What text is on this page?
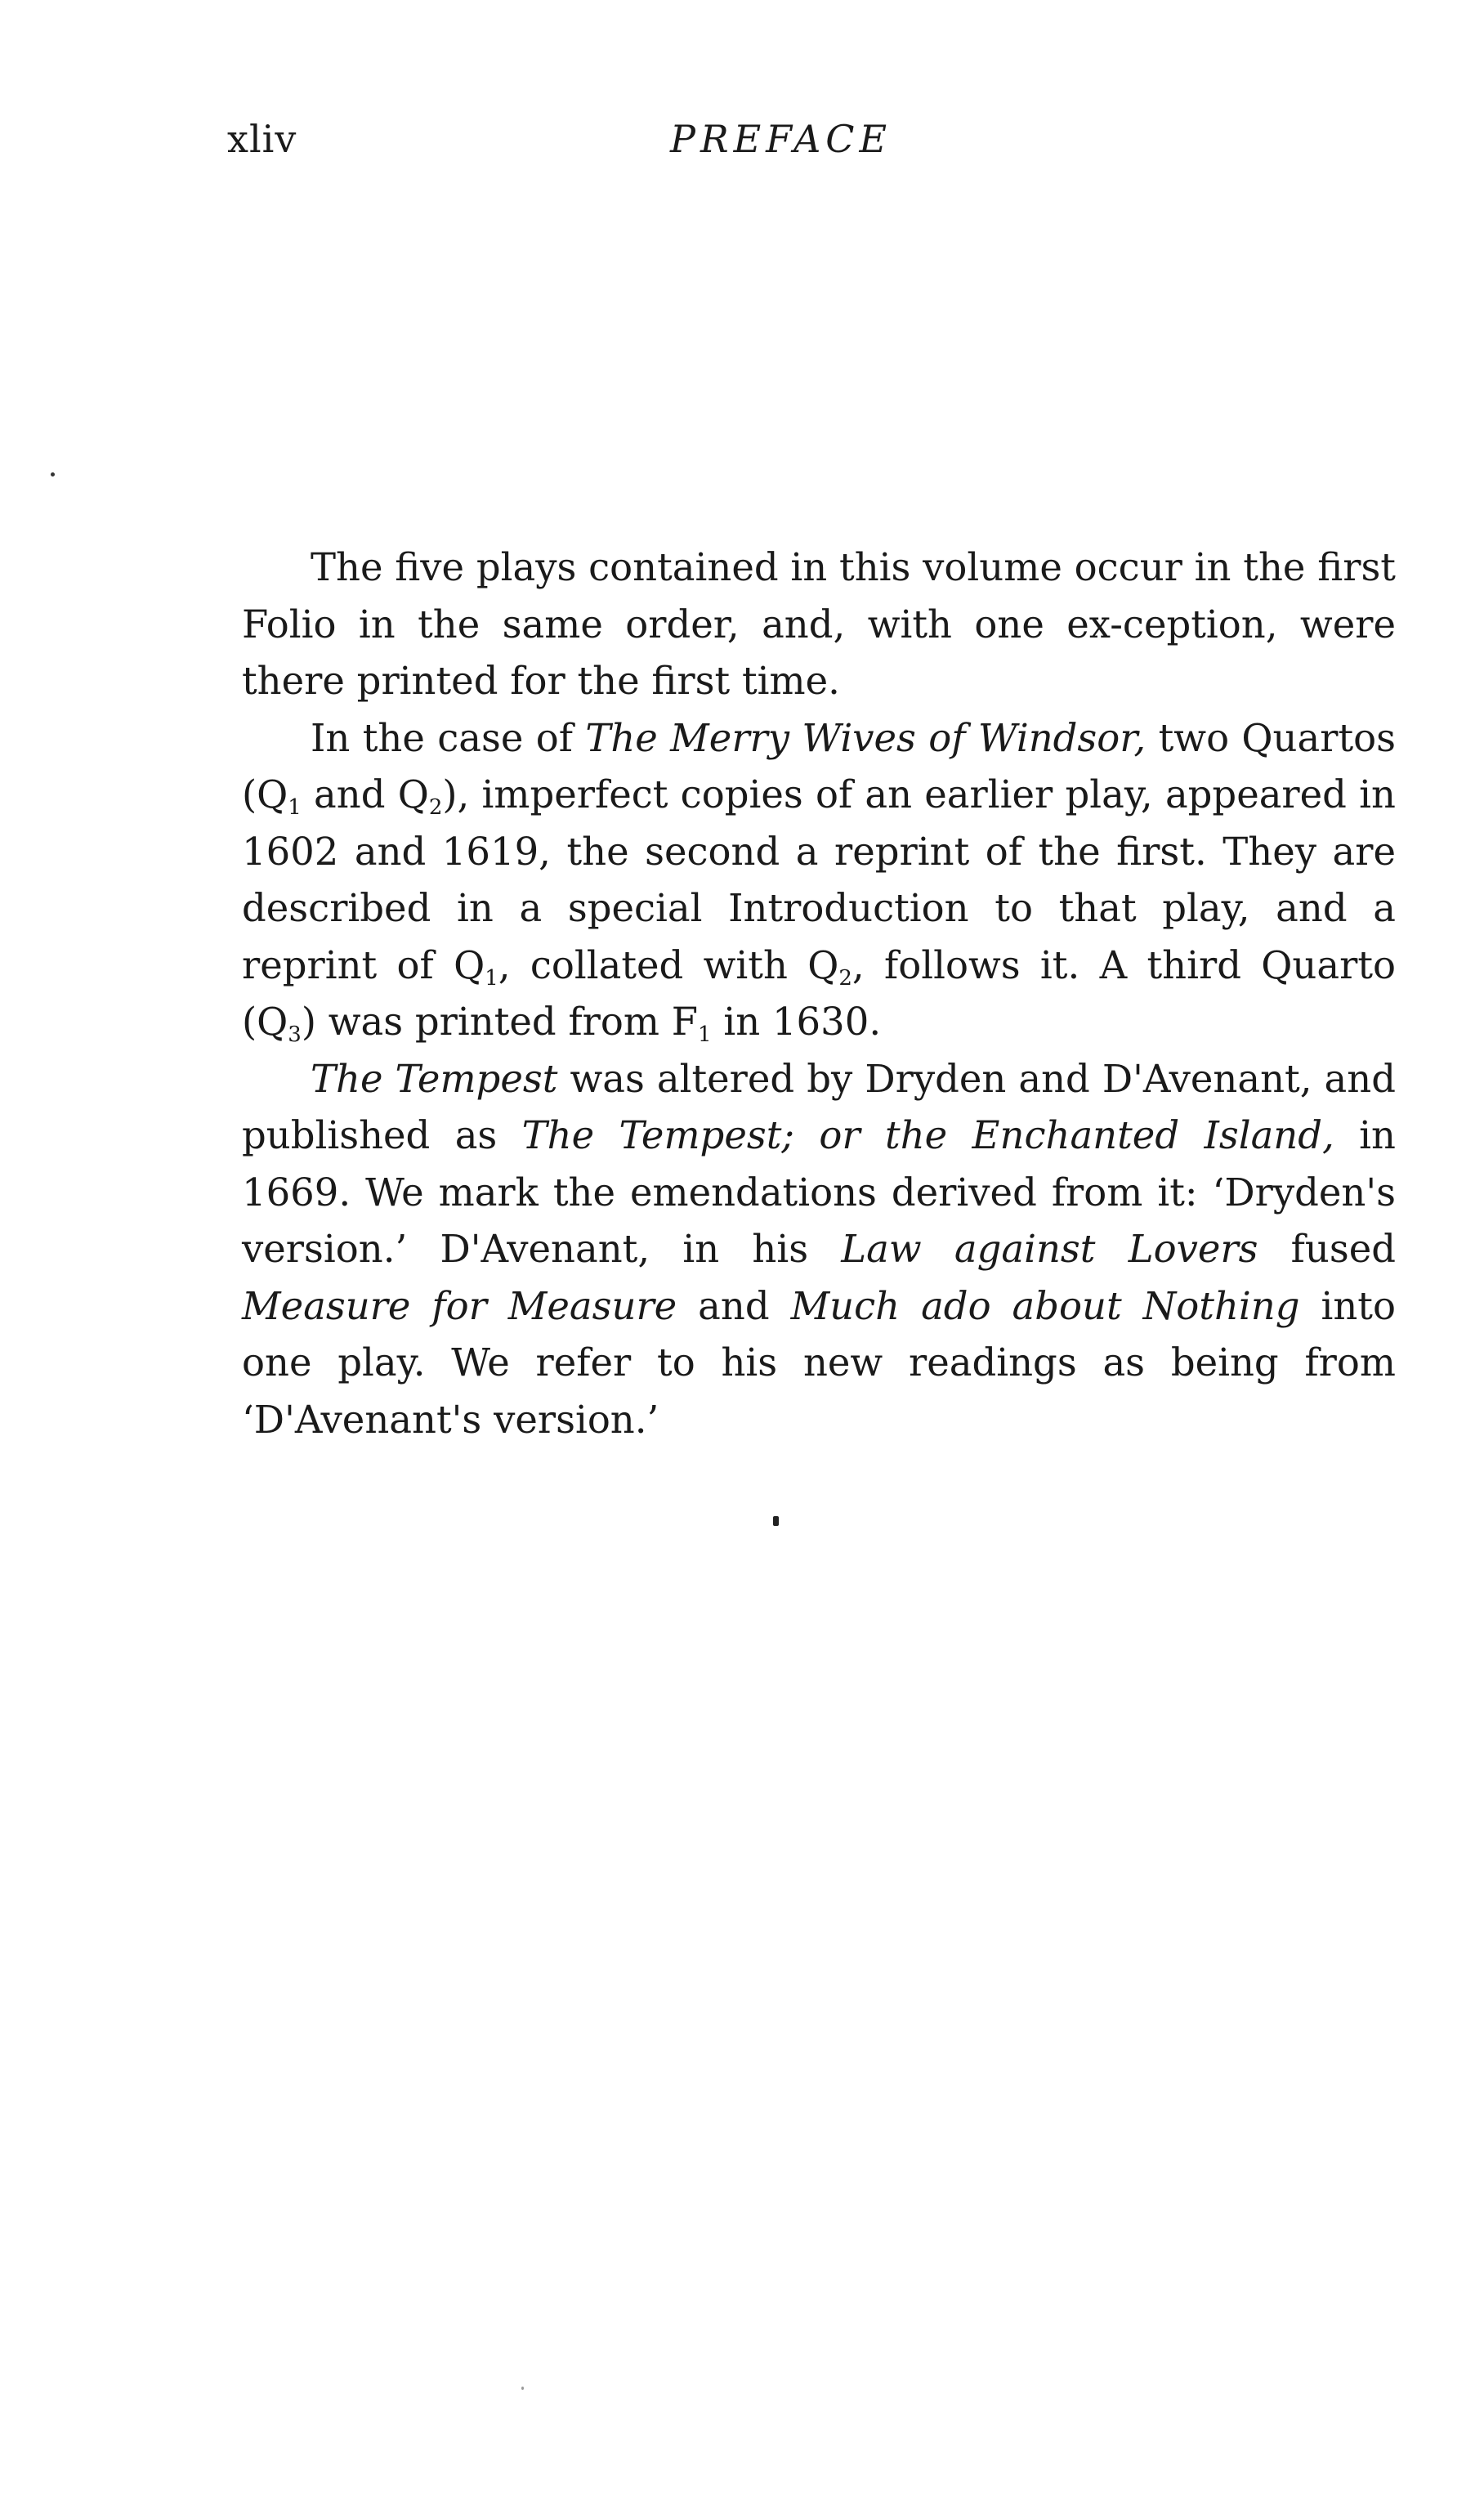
xliv	PREFACE

The five plays contained in this volume occur in the first Folio in the same order, and, with one ex-ception, were there printed for the first time.

In the case of The Merry Wives of Windsor, two Quartos ($Q_1$ and $Q_2$), imperfect copies of an earlier play, appeared in 1602 and 1619, the second a reprint of the first. They are described in a special Introduction to that play, and a reprint of $Q_1$, collated with $Q_2$, follows it. A third Quarto $(Q_3)$ was printed from $F_1$ in 1630.

The Tempest was altered by Dryden and D'Avenant, and published as The Tempest; or the Enchanted Island, in 1669. We mark the emendations derived from it: ‘Dryden's version.’ D'Avenant, in his Law against Lovers fused Measure for Measure and Much ado about Nothing into one play. We refer to his new readings as being from ‘D'Avenant's version.’
